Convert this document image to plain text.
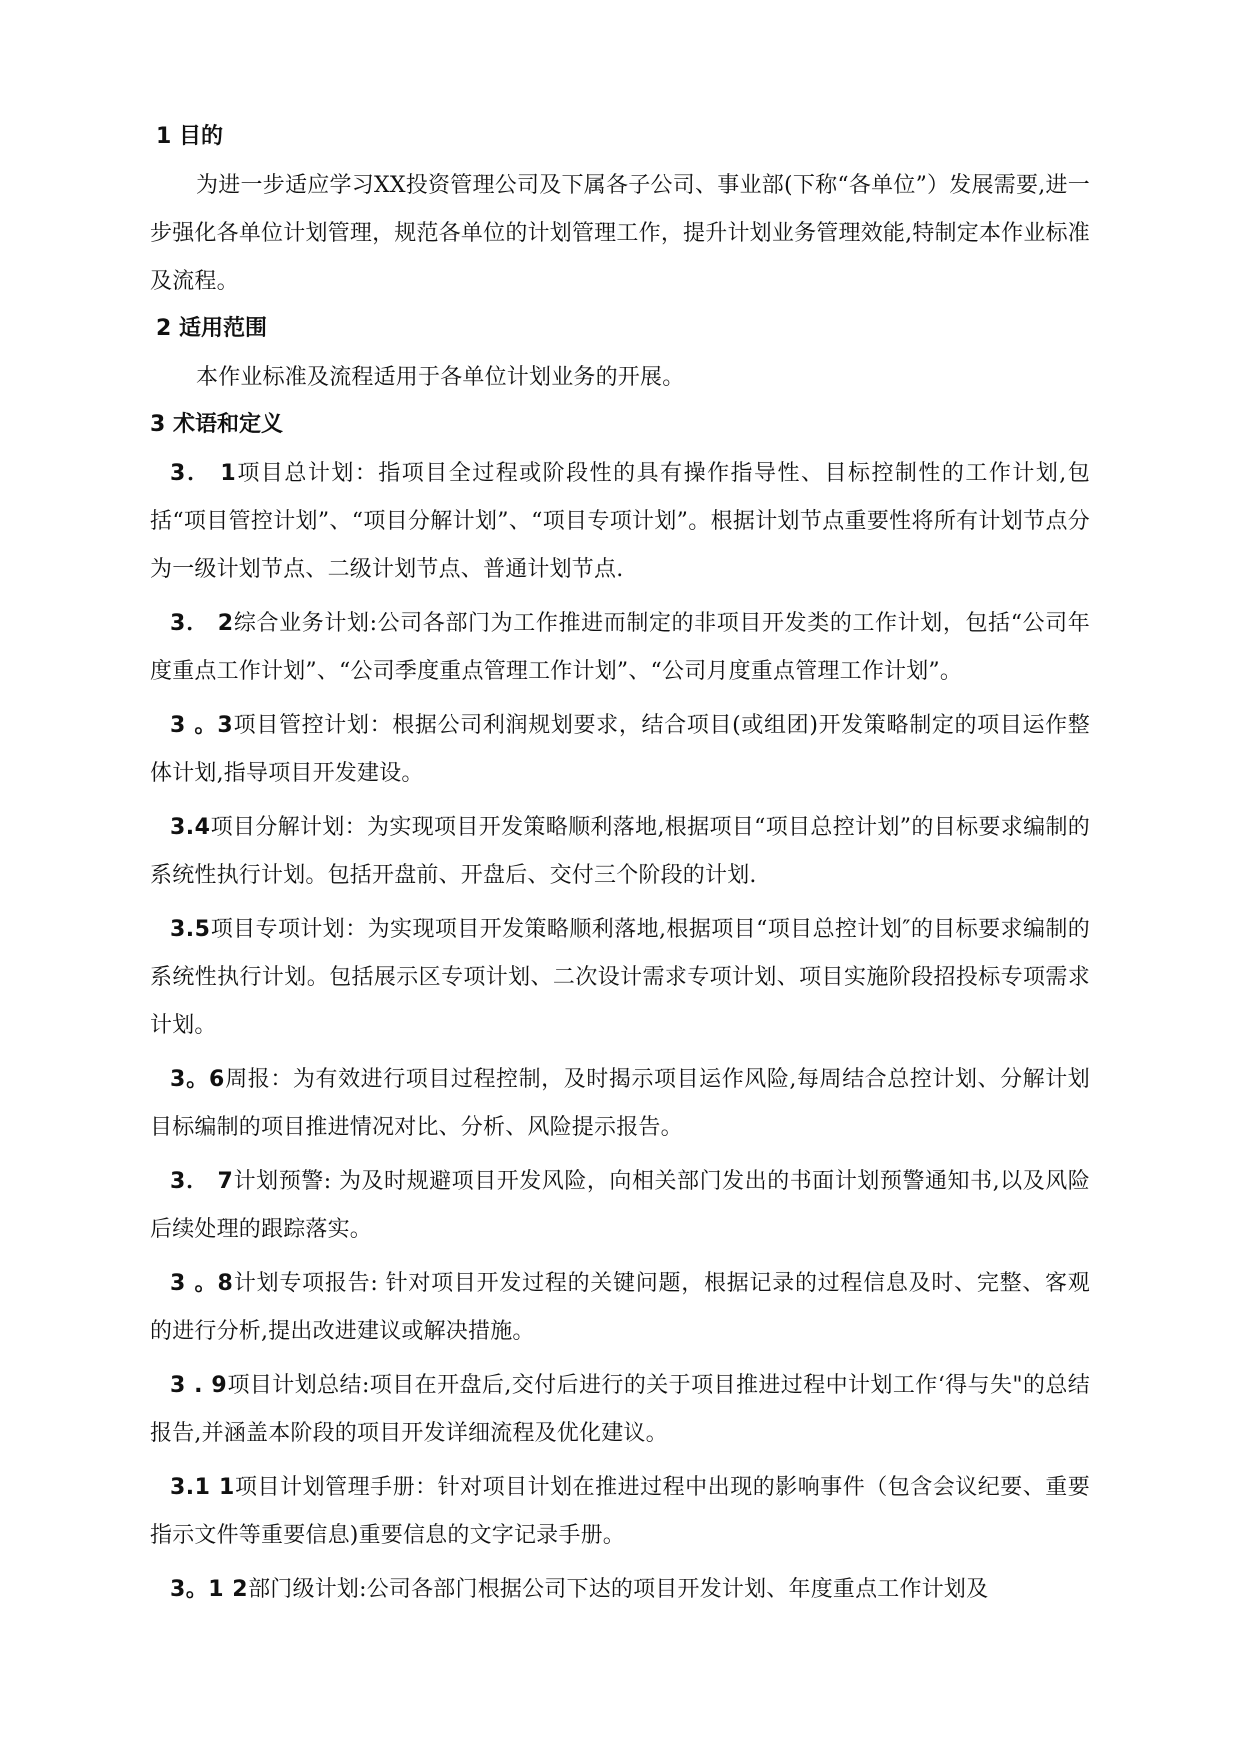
1 目的

为进一步适应学习XX投资管理公司及下属各子公司、事业部(下称“各单位”）发展需要,进一步强化各单位计划管理，规范各单位的计划管理工作，提升计划业务管理效能,特制定本作业标准及流程。

2 适用范围

本作业标准及流程适用于各单位计划业务的开展。

3 术语和定义

3． 1项目总计划：指项目全过程或阶段性的具有操作指导性、目标控制性的工作计划,包括“项目管控计划”、“项目分解计划”、“项目专项计划”。根据计划节点重要性将所有计划节点分为一级计划节点、二级计划节点、普通计划节点.

3． 2综合业务计划:公司各部门为工作推进而制定的非项目开发类的工作计划，包括“公司年度重点工作计划”、“公司季度重点管理工作计划”、“公司月度重点管理工作计划”。

3 。3项目管控计划：根据公司利润规划要求，结合项目(或组团)开发策略制定的项目运作整体计划,指导项目开发建设。

3.4项目分解计划：为实现项目开发策略顺利落地,根据项目“项目总控计划”的目标要求编制的系统性执行计划。包括开盘前、开盘后、交付三个阶段的计划.

3.5项目专项计划：为实现项目开发策略顺利落地,根据项目“项目总控计划″的目标要求编制的系统性执行计划。包括展示区专项计划、二次设计需求专项计划、项目实施阶段招投标专项需求计划。

3。6周报：为有效进行项目过程控制，及时揭示项目运作风险,每周结合总控计划、分解计划目标编制的项目推进情况对比、分析、风险提示报告。

3． 7计划预警: 为及时规避项目开发风险，向相关部门发出的书面计划预警通知书,以及风险后续处理的跟踪落实。

3 。8计划专项报告: 针对项目开发过程的关键问题，根据记录的过程信息及时、完整、客观的进行分析,提出改进建议或解决措施。

3 . 9项目计划总结:项目在开盘后,交付后进行的关于项目推进过程中计划工作‘得与失"的总结报告,并涵盖本阶段的项目开发详细流程及优化建议。

3.1 1项目计划管理手册：针对项目计划在推进过程中出现的影响事件（包含会议纪要、重要指示文件等重要信息)重要信息的文字记录手册。

3。1 2部门级计划:公司各部门根据公司下达的项目开发计划、年度重点工作计划及
